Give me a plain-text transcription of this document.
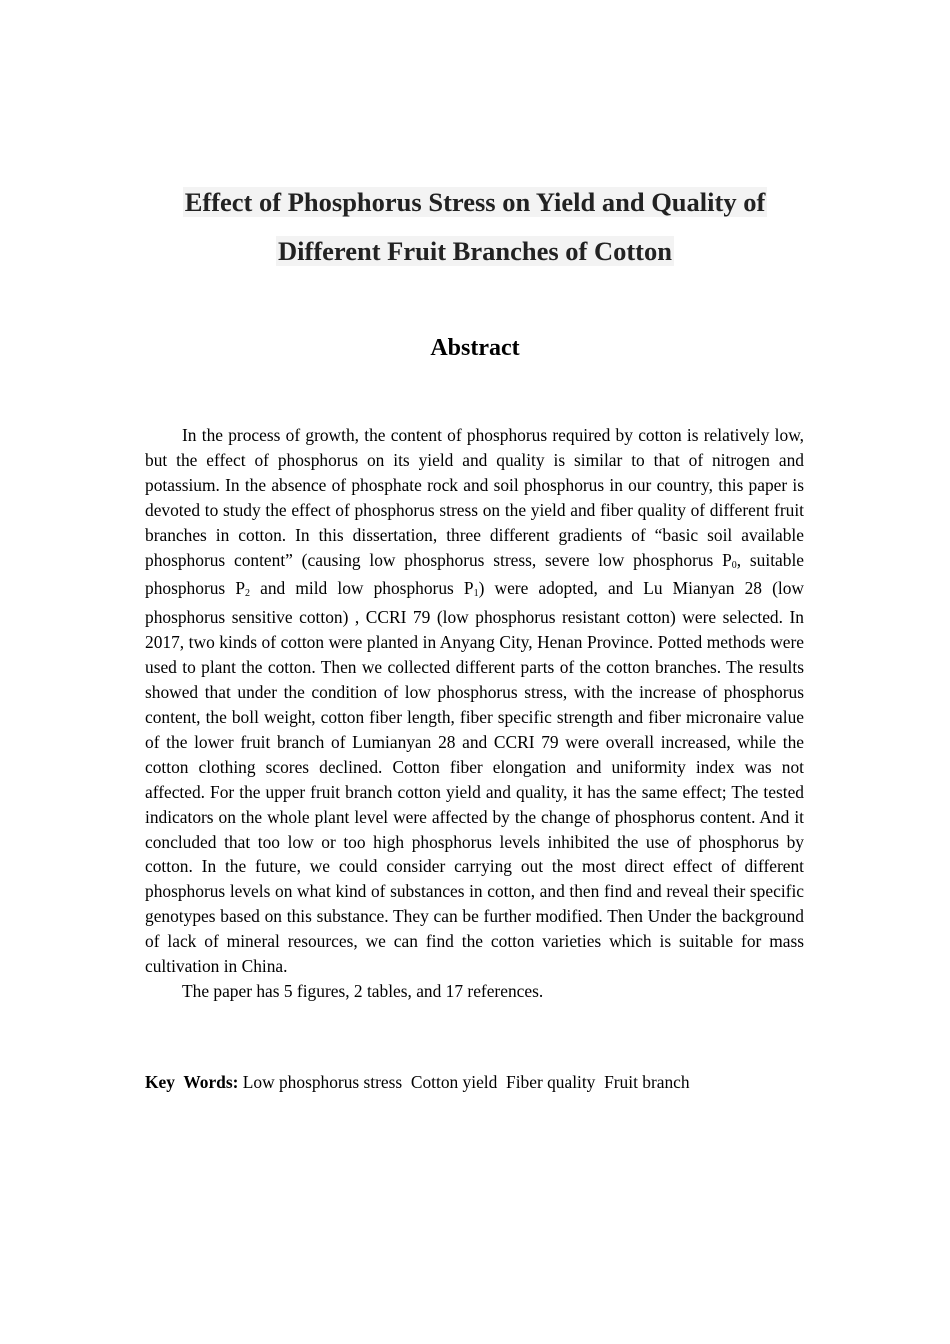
Effect of Phosphorus Stress on Yield and Quality of
Different Fruit Branches of Cotton
Abstract

In the process of growth, the content of phosphorus required by cotton is relatively low, but the effect of phosphorus on its yield and quality is similar to that of nitrogen and potassium. In the absence of phosphate rock and soil phosphorus in our country, this paper is devoted to study the effect of phosphorus stress on the yield and fiber quality of different fruit branches in cotton. In this dissertation, three different gradients of “basic soil available phosphorus content” (causing low phosphorus stress, severe low phosphorus $P_0$, suitable phosphorus $P_2$ and mild low phosphorus $P_1$) were adopted, and Lu Mianyan 28 (low phosphorus sensitive cotton) , CCRI 79 (low phosphorus resistant cotton) were selected. In 2017, two kinds of cotton were planted in Anyang City, Henan Province. Potted methods were used to plant the cotton. Then we collected different parts of the cotton branches. The results showed that under the condition of low phosphorus stress, with the increase of phosphorus content, the boll weight, cotton fiber length, fiber specific strength and fiber micronaire value of the lower fruit branch of Lumianyan 28 and CCRI 79 were overall increased, while the cotton clothing scores declined. Cotton fiber elongation and uniformity index was not affected. For the upper fruit branch cotton yield and quality, it has the same effect; The tested indicators on the whole plant level were affected by the change of phosphorus content. And it concluded that too low or too high phosphorus levels inhibited the use of phosphorus by cotton. In the future, we could consider carrying out the most direct effect of different phosphorus levels on what kind of substances in cotton, and then find and reveal their specific genotypes based on this substance. They can be further modified. Then Under the background of lack of mineral resources, we can find the cotton varieties which is suitable for mass cultivation in China.

The paper has 5 figures, 2 tables, and 17 references.

Key  Words: Low phosphorus stress  Cotton yield  Fiber quality  Fruit branch
